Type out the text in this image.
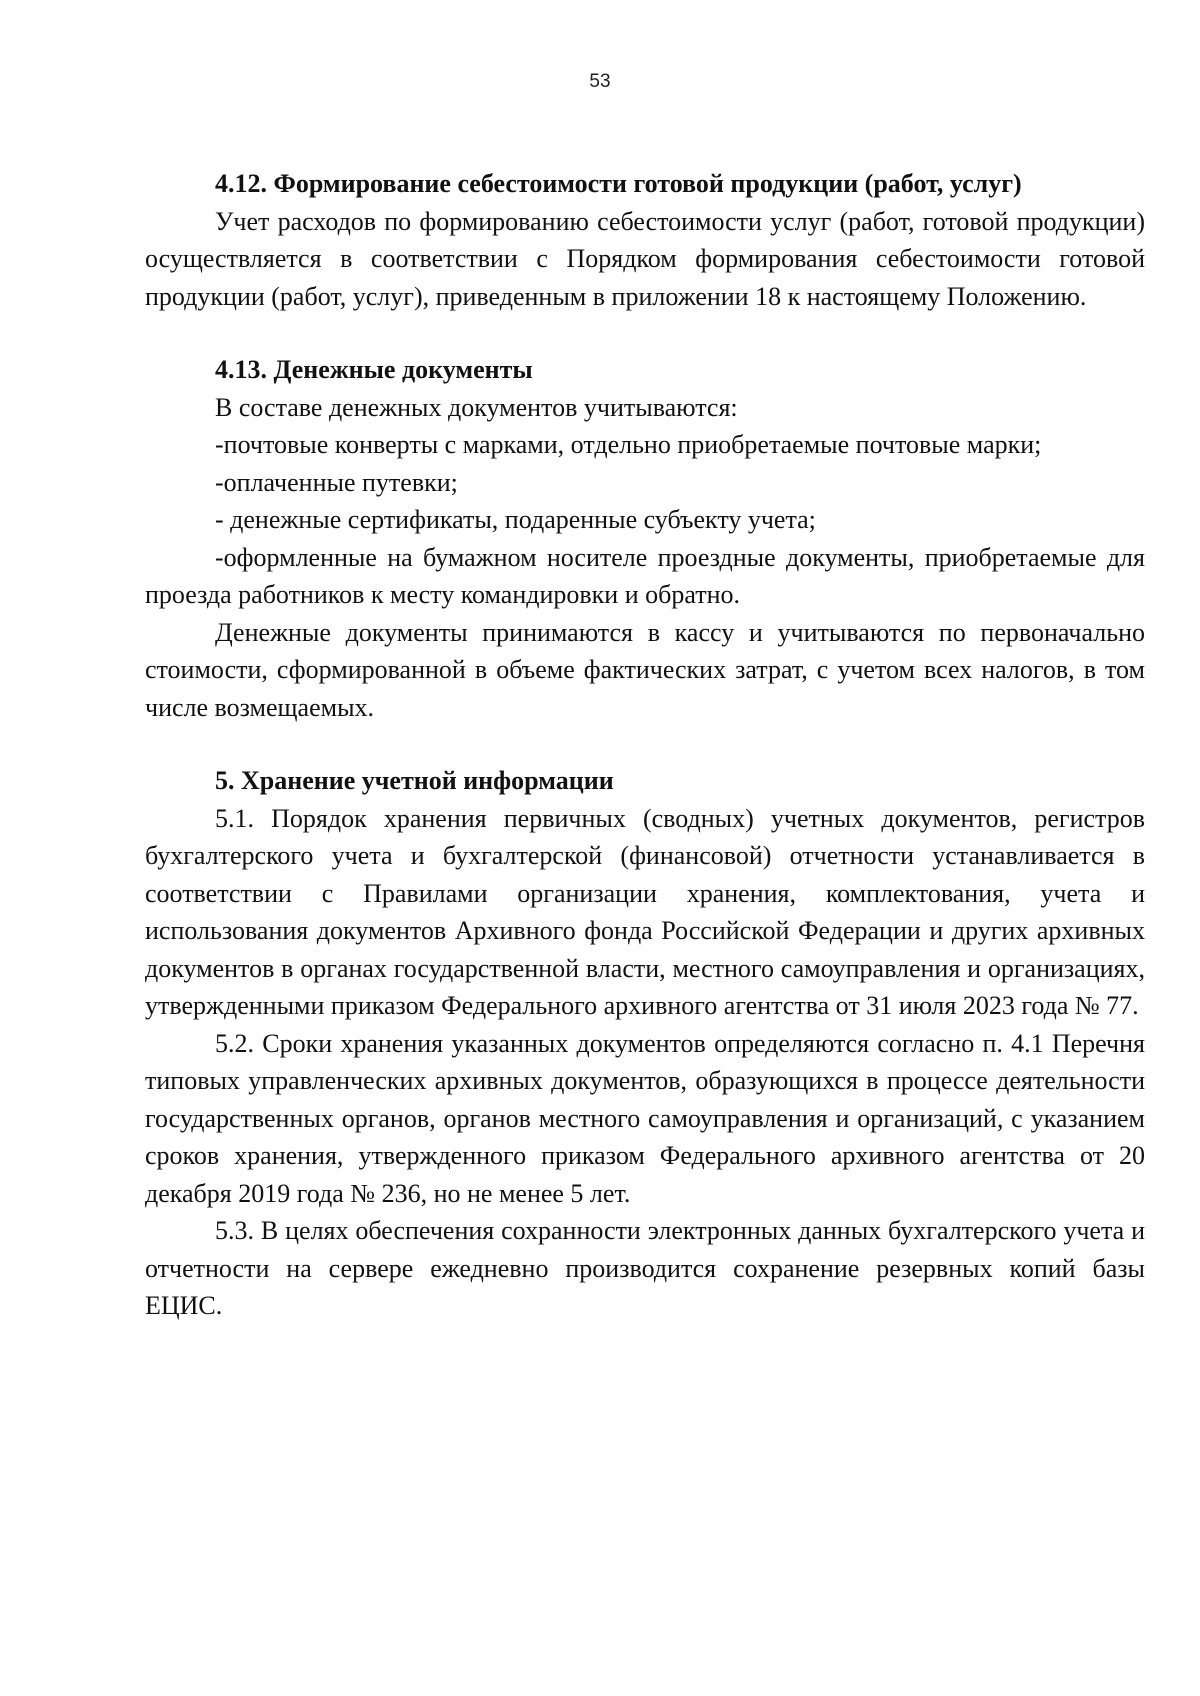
53

4.12. Формирование себестоимости готовой продукции (работ, услуг)

Учет расходов по формированию себестоимости услуг (работ, готовой продукции) осуществляется в соответствии с Порядком формирования себестоимости готовой продукции (работ, услуг), приведенным в приложении 18 к настоящему Положению.

4.13. Денежные документы

В составе денежных документов учитываются:

-почтовые конверты с марками, отдельно приобретаемые почтовые марки;

-оплаченные путевки;

- денежные сертификаты, подаренные субъекту учета;

-оформленные на бумажном носителе проездные документы, приобретаемые для проезда работников к месту командировки и обратно.

Денежные документы принимаются в кассу и учитываются по первоначально стоимости, сформированной в объеме фактических затрат, с учетом всех налогов, в том числе возмещаемых.

5. Хранение учетной информации

5.1. Порядок хранения первичных (сводных) учетных документов, регистров бухгалтерского учета и бухгалтерской (финансовой) отчетности устанавливается в соответствии с Правилами организации хранения, комплектования, учета и использования документов Архивного фонда Российской Федерации и других архивных документов в органах государственной власти, местного самоуправления и организациях, утвержденными приказом Федерального архивного агентства от 31 июля 2023 года № 77.

5.2. Сроки хранения указанных документов определяются согласно п. 4.1 Перечня типовых управленческих архивных документов, образующихся в процессе деятельности государственных органов, органов местного самоуправления и организаций, с указанием сроков хранения, утвержденного приказом Федерального архивного агентства от 20 декабря 2019 года № 236, но не менее 5 лет.

5.3. В целях обеспечения сохранности электронных данных бухгалтерского учета и отчетности на сервере ежедневно производится сохранение резервных копий базы ЕЦИС.
